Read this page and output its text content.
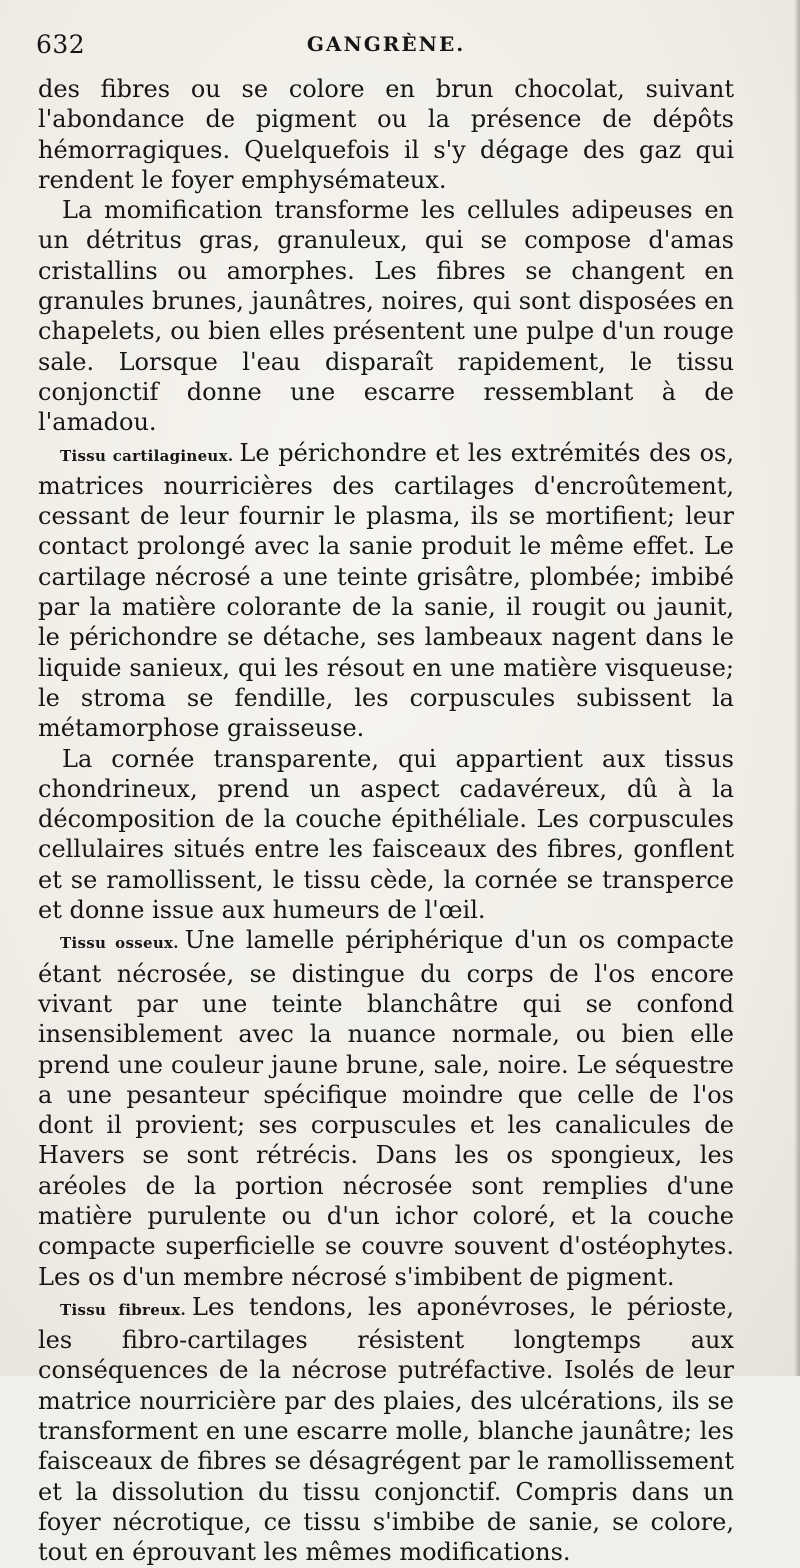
632	GANGRÈNE.

des fibres ou se colore en brun chocolat, suivant l'abondance de pigment ou la présence de dépôts hémorragiques. Quelquefois il s'y dégage des gaz qui rendent le foyer emphysémateux.

La momification transforme les cellules adipeuses en un détritus gras, granuleux, qui se compose d'amas cristallins ou amorphes. Les fibres se changent en granules brunes, jaunâtres, noires, qui sont disposées en chapelets, ou bien elles présentent une pulpe d'un rouge sale. Lorsque l'eau disparaît rapidement, le tissu conjonctif donne une escarre ressemblant à de l'amadou.

Tissu cartilagineux. Le périchondre et les extrémités des os, matrices nourricières des cartilages d'encroûtement, cessant de leur fournir le plasma, ils se mortifient; leur contact prolongé avec la sanie produit le même effet. Le cartilage nécrosé a une teinte grisâtre, plombée; imbibé par la matière colorante de la sanie, il rougit ou jaunit, le périchondre se détache, ses lambeaux nagent dans le liquide sanieux, qui les résout en une matière visqueuse; le stroma se fendille, les corpuscules subissent la métamorphose graisseuse.

La cornée transparente, qui appartient aux tissus chondrineux, prend un aspect cadavéreux, dû à la décomposition de la couche épithéliale. Les corpuscules cellulaires situés entre les faisceaux des fibres, gonflent et se ramollissent, le tissu cède, la cornée se transperce et donne issue aux humeurs de l'œil.

Tissu osseux. Une lamelle périphérique d'un os compacte étant nécrosée, se distingue du corps de l'os encore vivant par une teinte blanchâtre qui se confond insensiblement avec la nuance normale, ou bien elle prend une couleur jaune brune, sale, noire. Le séquestre a une pesanteur spécifique moindre que celle de l'os dont il provient; ses corpuscules et les canalicules de Havers se sont rétrécis. Dans les os spongieux, les aréoles de la portion nécrosée sont remplies d'une matière purulente ou d'un ichor coloré, et la couche compacte superficielle se couvre souvent d'ostéophytes. Les os d'un membre nécrosé s'imbibent de pigment.

Tissu fibreux. Les tendons, les aponévroses, le périoste, les fibro-cartilages résistent longtemps aux conséquences de la nécrose putréfactive. Isolés de leur matrice nourricière par des plaies, des ulcérations, ils se transforment en une escarre molle, blanche jaunâtre; les faisceaux de fibres se désagrégent par le ramollissement et la dissolution du tissu conjonctif. Compris dans un foyer nécrotique, ce tissu s'imbibe de sanie, se colore, tout en éprouvant les mêmes modifications.
